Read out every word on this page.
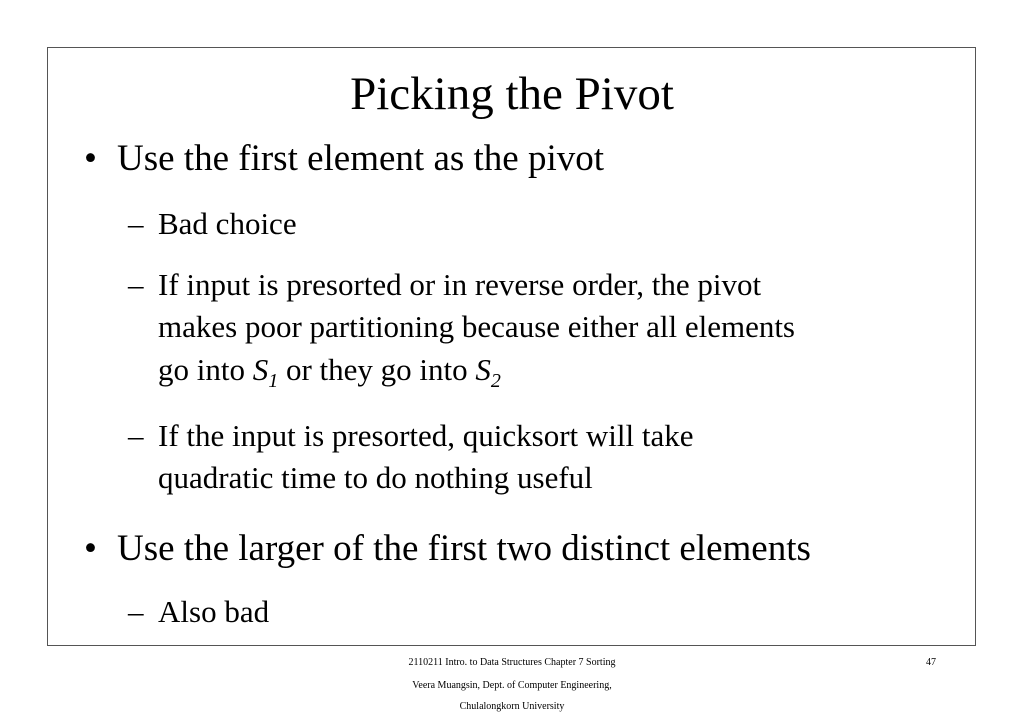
Picking the Pivot
• Use the first element as the pivot
– Bad choice
– If input is presorted or in reverse order, the pivot
makes poor partitioning because either all elements
go into $S_1$ or they go into $S_2$
– If the input is presorted, quicksort will take
quadratic time to do nothing useful
• Use the larger of the first two distinct elements
– Also bad
2110211 Intro. to Data Structures Chapter 7 Sorting	47
Veera Muangsin, Dept. of Computer Engineering,
Chulalongkorn University
